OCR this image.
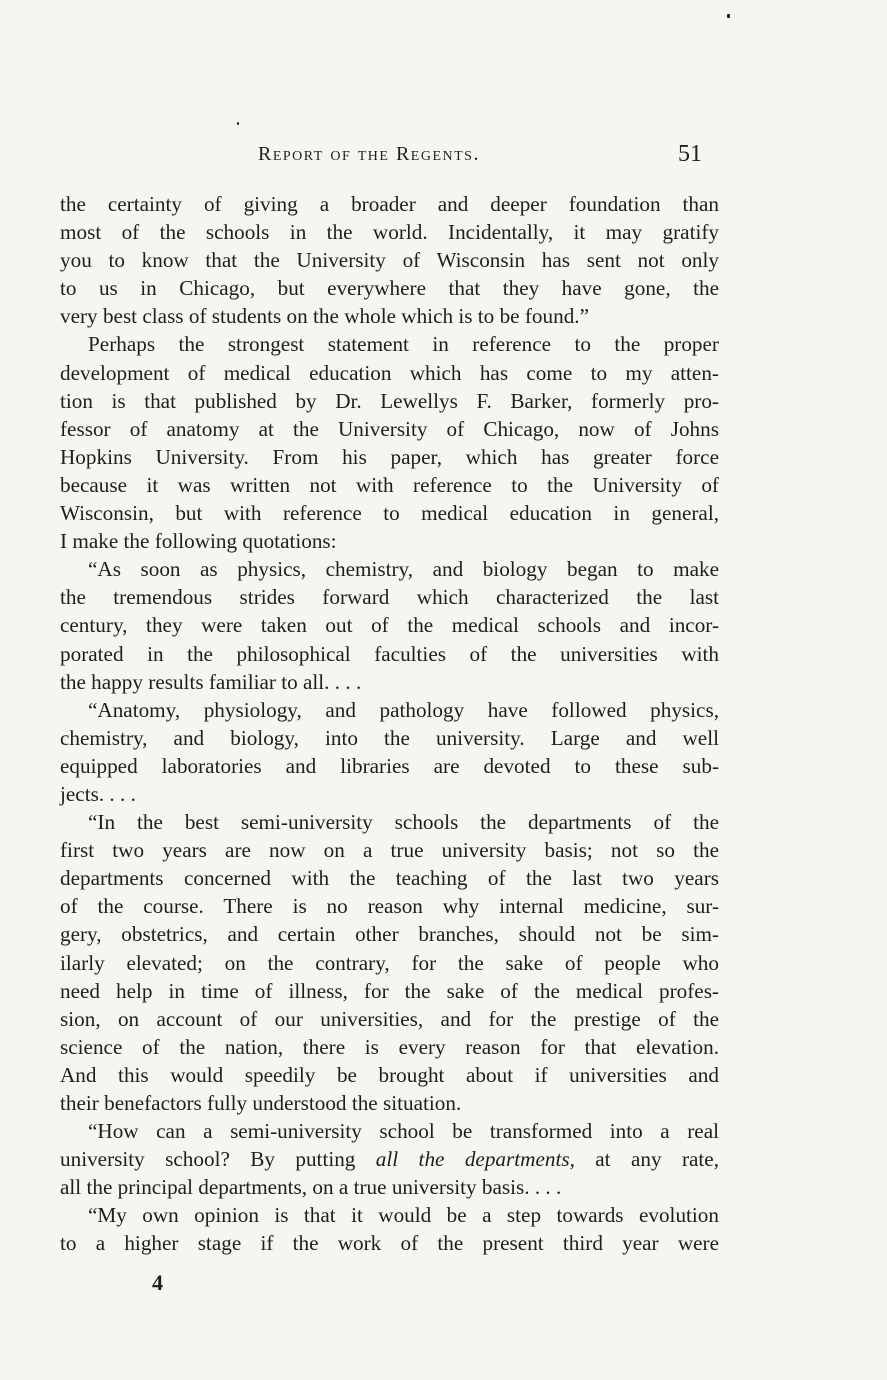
Report of the Regents.	51
the certainty of giving a broader and deeper foundation than
most of the schools in the world. Incidentally, it may gratify
you to know that the University of Wisconsin has sent not only
to us in Chicago, but everywhere that they have gone, the
very best class of students on the whole which is to be found.”
Perhaps the strongest statement in reference to the proper
development of medical education which has come to my atten-
tion is that published by Dr. Lewellys F. Barker, formerly pro-
fessor of anatomy at the University of Chicago, now of Johns
Hopkins University. From his paper, which has greater force
because it was written not with reference to the University of
Wisconsin, but with reference to medical education in general,
I make the following quotations:
“As soon as physics, chemistry, and biology began to make
the tremendous strides forward which characterized the last
century, they were taken out of the medical schools and incor-
porated in the philosophical faculties of the universities with
the happy results familiar to all. . . .
“Anatomy, physiology, and pathology have followed physics,
chemistry, and biology, into the university. Large and well
equipped laboratories and libraries are devoted to these sub-
jects. . . .
“In the best semi-university schools the departments of the
first two years are now on a true university basis; not so the
departments concerned with the teaching of the last two years
of the course. There is no reason why internal medicine, sur-
gery, obstetrics, and certain other branches, should not be sim-
ilarly elevated; on the contrary, for the sake of people who
need help in time of illness, for the sake of the medical profes-
sion, on account of our universities, and for the prestige of the
science of the nation, there is every reason for that elevation.
And this would speedily be brought about if universities and
their benefactors fully understood the situation.
“How can a semi-university school be transformed into a real
university school? By putting all the departments, at any rate,
all the principal departments, on a true university basis. . . .
“My own opinion is that it would be a step towards evolution
to a higher stage if the work of the present third year were
4
